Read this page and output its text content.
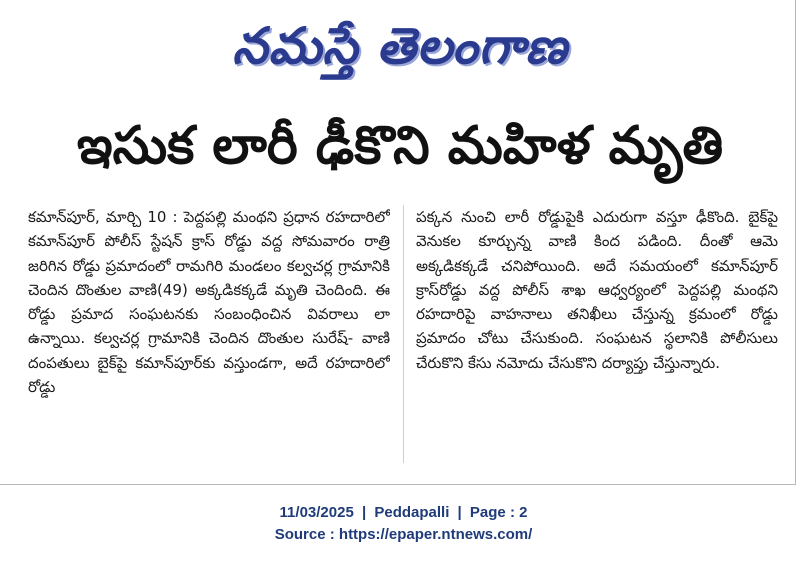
నమస్తే తెలంగాణ
ఇసుక లారీ ఢీకొని మహిళ మృతి
కమాన్‌పూర్, మార్చి 10 : పెద్దపల్లి మంథని ప్రధాన రహదారిలో కమాన్‌పూర్ పోలీస్ స్టేషన్ క్రాస్ రోడ్డు వద్ద సోమవారం రాత్రి జరిగిన రోడ్డు ప్రమాదంలో రామగిరి మండలం కల్వచర్ల గ్రామానికి చెందిన దొంతుల వాణి(49) అక్కడికక్కడే మృతి చెందింది. ఈ రోడ్డు ప్రమాద సంఘటనకు సంబంధించిన వివరాలు లా ఉన్నాయి. కల్వచర్ల గ్రామానికి చెందిన దొంతుల సురేష్- వాణి దంపతులు బైక్‌పై కమాన్‌పూర్‌కు వస్తుండగా, అదే రహదారిలో రోడ్డు
పక్కన నుంచి లారీ రోడ్డుపైకి ఎదురుగా వస్తూ ఢీకొంది. బైక్‌పై వెనుకల కూర్చున్న వాణి కింద పడింది. దీంతో ఆమె అక్కడికక్కడే చనిపోయింది. అదే సమయంలో కమాన్‌పూర్ క్రాస్‌రోడ్డు వద్ద పోలీస్ శాఖ ఆధ్వర్యంలో పెద్దపల్లి మంథని రహదారిపై వాహనాలు తనిఖీలు చేస్తున్న క్రమంలో రోడ్డు ప్రమాదం చోటు చేసుకుంది. సంఘటన స్థలానికి పోలీసులు చేరుకొని కేసు నమోదు చేసుకొని దర్యాప్తు చేస్తున్నారు.
11/03/2025 | Peddapalli | Page : 2
Source : https://epaper.ntnews.com/
